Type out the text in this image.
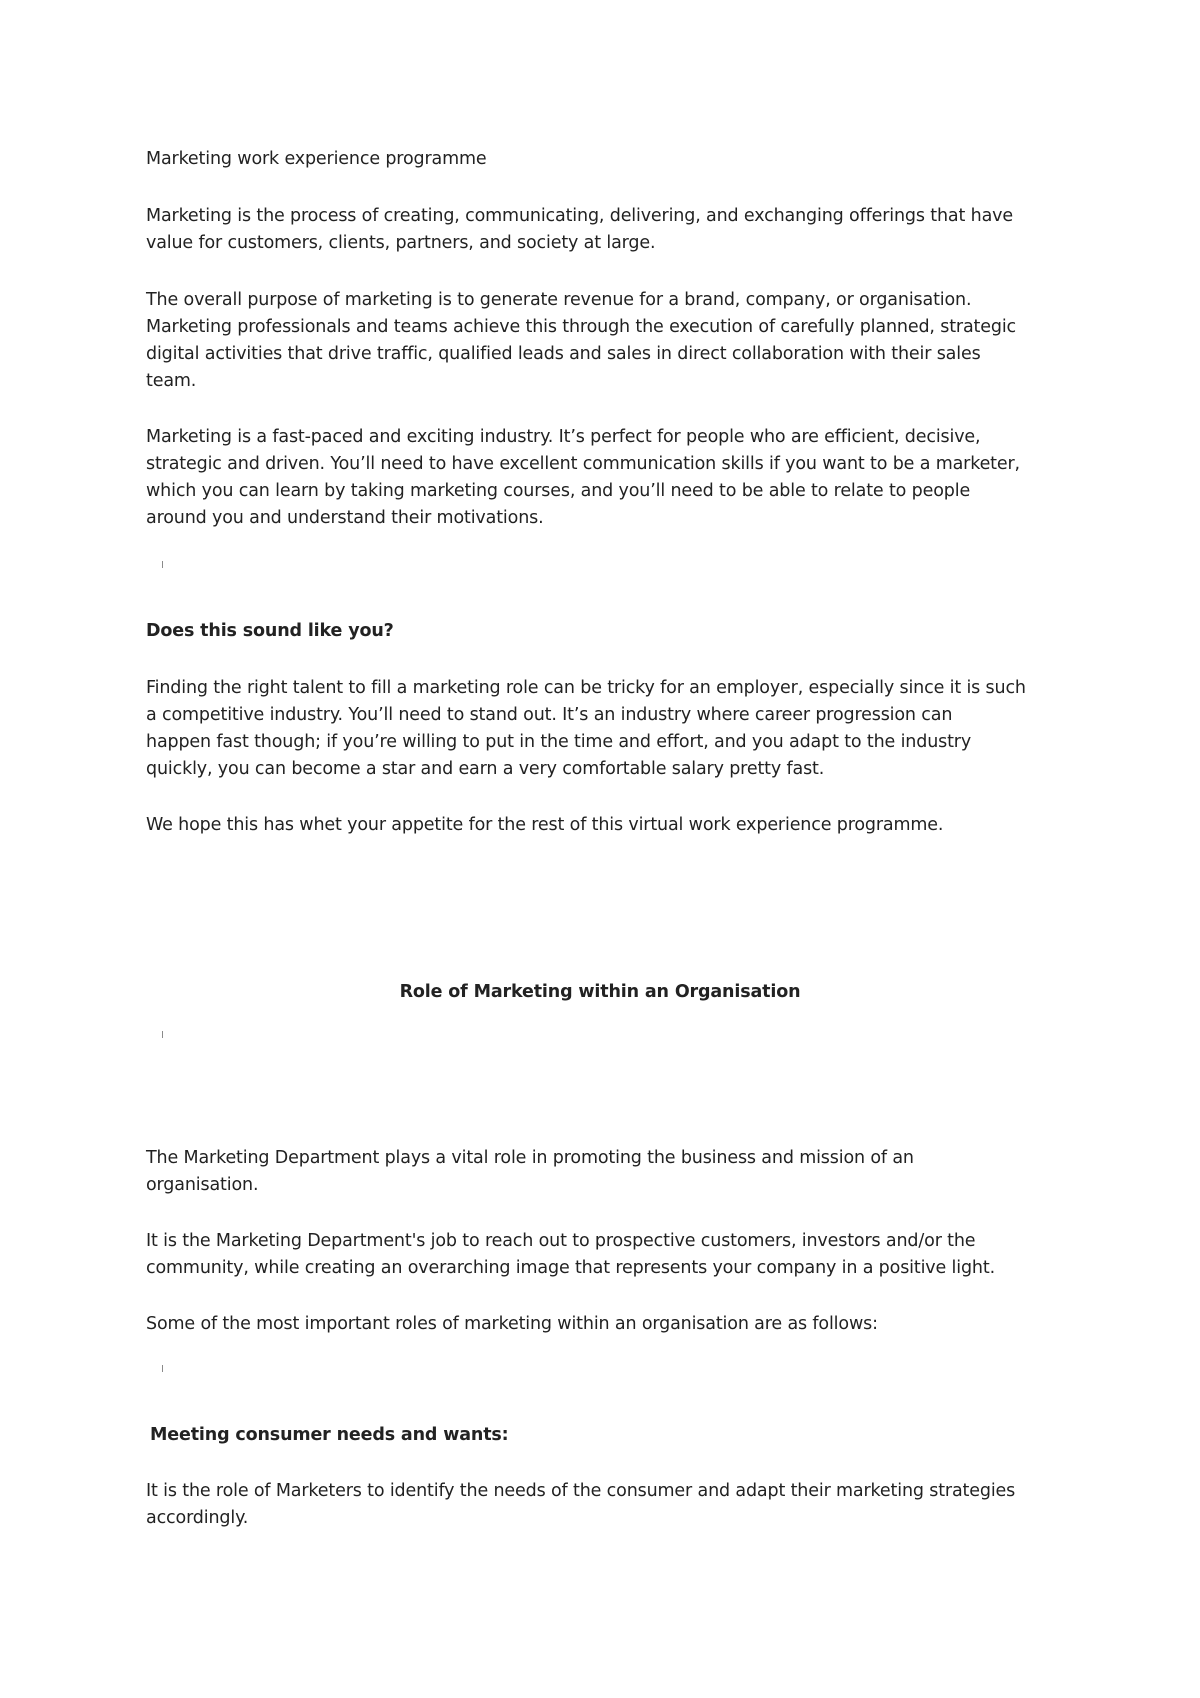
Marketing work experience programme
Marketing is the process of creating, communicating, delivering, and exchanging offerings that have
value for customers, clients, partners, and society at large.
The overall purpose of marketing is to generate revenue for a brand, company, or organisation.
Marketing professionals and teams achieve this through the execution of carefully planned, strategic
digital activities that drive traffic, qualified leads and sales in direct collaboration with their sales
team.
Marketing is a fast-paced and exciting industry. It’s perfect for people who are efficient, decisive,
strategic and driven. You’ll need to have excellent communication skills if you want to be a marketer,
which you can learn by taking marketing courses, and you’ll need to be able to relate to people
around you and understand their motivations.
Does this sound like you?
Finding the right talent to fill a marketing role can be tricky for an employer, especially since it is such
a competitive industry. You’ll need to stand out. It’s an industry where career progression can
happen fast though; if you’re willing to put in the time and effort, and you adapt to the industry
quickly, you can become a star and earn a very comfortable salary pretty fast.
We hope this has whet your appetite for the rest of this virtual work experience programme.
Role of Marketing within an Organisation
The Marketing Department plays a vital role in promoting the business and mission of an
organisation.
It is the Marketing Department's job to reach out to prospective customers, investors and/or the
community, while creating an overarching image that represents your company in a positive light.
Some of the most important roles of marketing within an organisation are as follows:
Meeting consumer needs and wants:
It is the role of Marketers to identify the needs of the consumer and adapt their marketing strategies
accordingly.
